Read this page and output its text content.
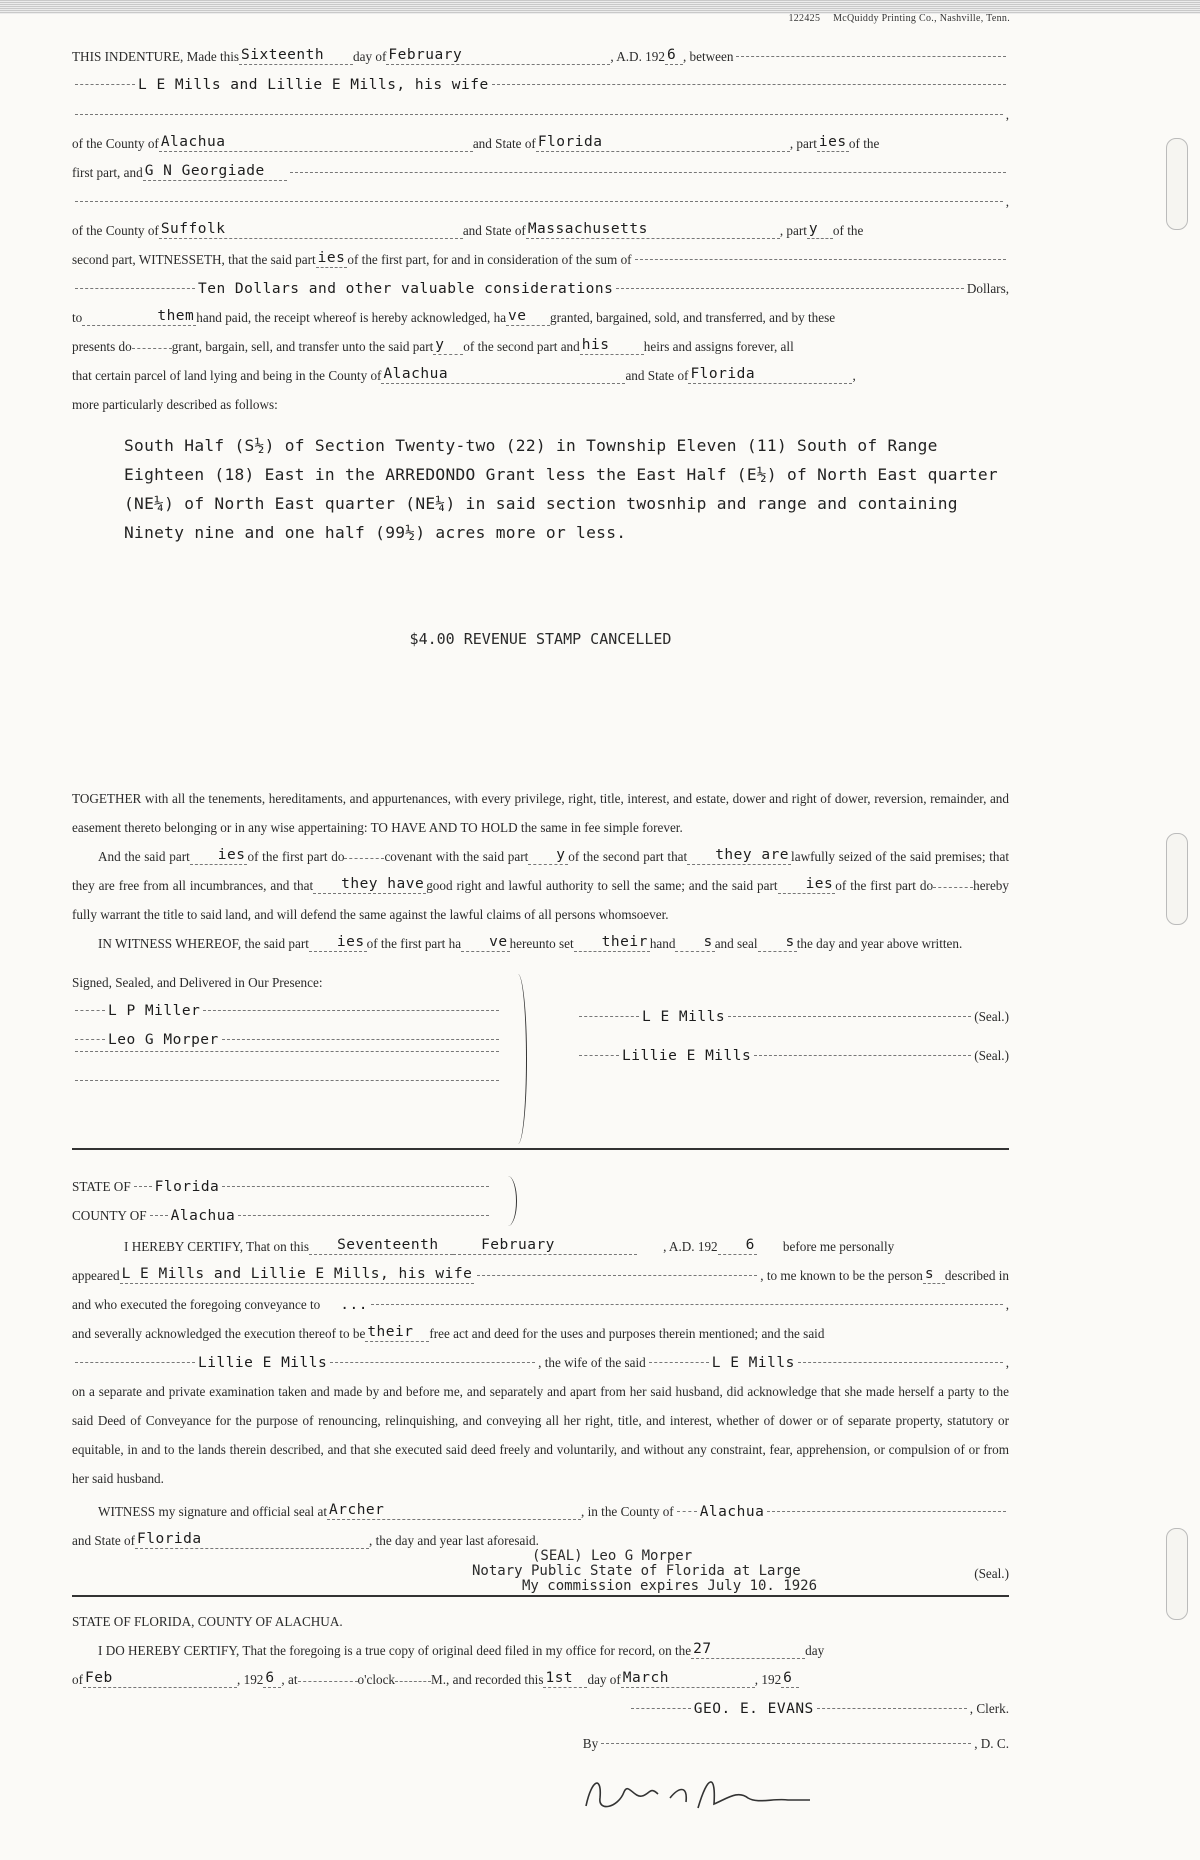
122425 McQuiddy Printing Co., Nashville, Tenn.
THIS INDENTURE, Made this Sixteenth	day of February	, A.D. 192 6 , between
L E Mills and Lillie E Mills, his wife
,
of the County of Alachua	and State of Florida	, part ies of the
first part, and G N Georgiade
,
of the County of Suffolk	and State of Massachusetts	, part y	of the
second part, WITNESSETH, that the said part ies of the first part, for and in consideration of the sum of
Ten Dollars and other valuable considerations	Dollars,
to	them hand paid, the receipt whereof is hereby acknowledged, ha ve	granted, bargained, sold, and transferred, and by these
presents do	grant, bargain, sell, and transfer unto the said part y	of the second part and his	heirs and assigns forever, all
that certain parcel of land lying and being in the County of Alachua	and State of Florida	,
more particularly described as follows:
South Half (S½) of Section Twenty-two (22) in Township Eleven (11) South of Range Eighteen (18) East in the ARREDONDO Grant less the East Half (E½) of North East quarter (NE¼) of North East quarter (NE¼) in said section twosnhip and range and containing Ninety nine and one half (99½) acres more or less.
$4.00 REVENUE STAMP CANCELLED
TOGETHER with all the tenements, hereditaments, and appurtenances, with every privilege, right, title, interest, and estate, dower and right of dower, reversion, remainder, and easement thereto belonging or in any wise appertaining: TO HAVE AND TO HOLD the same in fee simple forever.
And the said part ies of the first part do	covenant with the said part y of the second part that they are lawfully seized of the said premises; that they are free from all incumbrances, and that they have good right and lawful authority to sell the same; and the said part ies of the first part do	hereby fully warrant the title to said land, and will defend the same against the lawful claims of all persons whomsoever.
IN WITNESS WHEREOF, the said part ies of the first part ha ve hereunto set their hand s and seal s the day and year above written.
Signed, Sealed, and Delivered in Our Presence:
L P Miller
Leo G Morper
L E Mills	(Seal.)
Lillie E Mills	(Seal.)
STATE OF Florida
COUNTY OF Alachua
I HEREBY CERTIFY, That on this	Seventeenth	February	, A.D. 192	6	before me personally
appeared L E Mills and Lillie E Mills, his wife	, to me known to be the person s described in
and who executed the foregoing conveyance to ...	,
and severally acknowledged the execution thereof to be their	free act and deed for the uses and purposes therein mentioned; and the said
Lillie E Mills	, the wife of the said	L E Mills	,
on a separate and private examination taken and made by and before me, and separately and apart from her said husband, did acknowledge that she made herself a party to the said Deed of Conveyance for the purpose of renouncing, relinquishing, and conveying all her right, title, and interest, whether of dower or of separate property, statutory or equitable, in and to the lands therein described, and that she executed said deed freely and voluntarily, and without any constraint, fear, apprehension, or compulsion of or from her said husband.
WITNESS my signature and official seal at Archer	, in the County of Alachua
and State of Florida	, the day and year last aforesaid.
(SEAL) Leo G Morper
Notary Public State of Florida at Large
My commission expires July 10. 1926
(Seal.)
STATE OF FLORIDA, COUNTY OF ALACHUA.
I DO HEREBY CERTIFY, That the foregoing is a true copy of original deed filed in my office for record, on the 27	day
of Feb	, 192 6 , at	o'clock	M., and recorded this 1st	day of March	, 192 6
GEO. E. EVANS	, Clerk.
By	, D. C.
